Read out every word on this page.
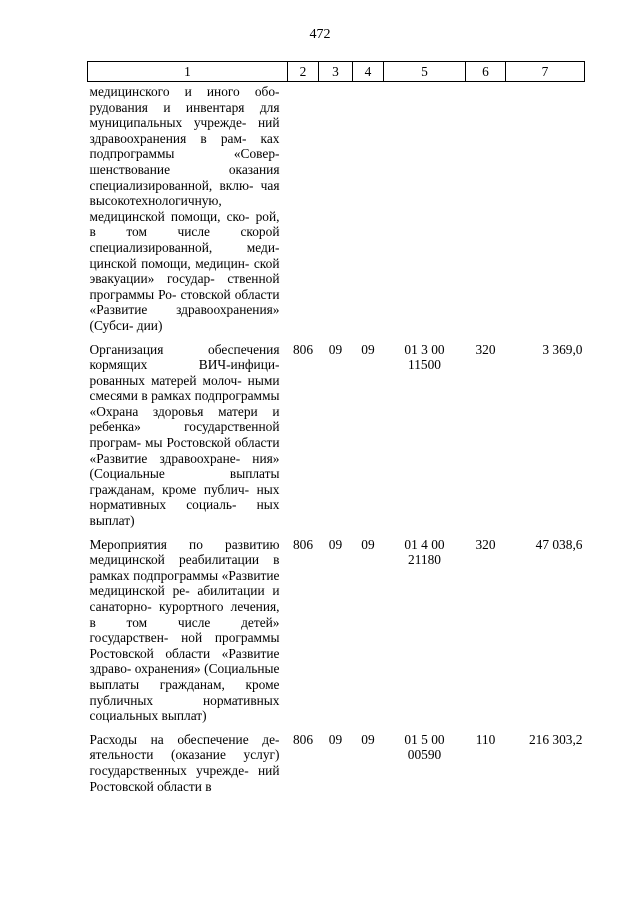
472
1	2	3	4	5	6	7
медицинского и иного обо- рудования и инвентаря для муниципальных учрежде- ний здравоохранения в рам- ках подпрограммы «Совер- шенствование оказания специализированной, вклю- чая высокотехнологичную, медицинской помощи, ско- рой, в том числе скорой специализированной, меди- цинской помощи, медицин- ской эвакуации» государ- ственной программы Ро- стовской области «Развитие здравоохранения» (Субси- дии)						
Организация обеспечения кормящих ВИЧ-инфици- рованных матерей молоч- ными смесями в рамках подпрограммы «Охрана здоровья матери и ребенка» государственной програм- мы Ростовской области «Развитие здравоохране- ния» (Социальные выплаты гражданам, кроме публич- ных нормативных социаль- ных выплат)	806	09	09	01 3 00 11500	320	3 369,0
Мероприятия по развитию медицинской реабилитации в рамках подпрограммы «Развитие медицинской ре- абилитации и санаторно- курортного лечения, в том числе детей» государствен- ной программы Ростовской области «Развитие здраво- охранения» (Социальные выплаты гражданам, кроме публичных нормативных социальных выплат)	806	09	09	01 4 00 21180	320	47 038,6
Расходы на обеспечение де- ятельности (оказание услуг) государственных учрежде- ний Ростовской области в	806	09	09	01 5 00 00590	110	216 303,2
